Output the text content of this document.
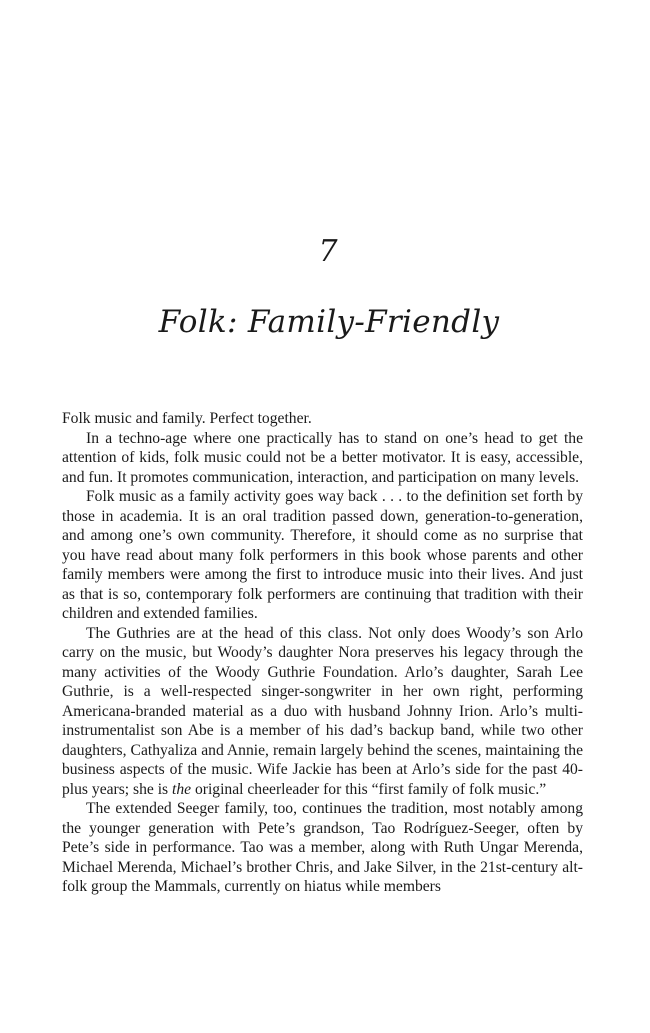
7
Folk: Family-Friendly

Folk music and family. Perfect together.

In a techno-age where one practically has to stand on one’s head to get the attention of kids, folk music could not be a better motivator. It is easy, accessible, and fun. It promotes communication, interaction, and participation on many levels.

Folk music as a family activity goes way back . . . to the definition set forth by those in academia. It is an oral tradition passed down, generation-to-generation, and among one’s own community. Therefore, it should come as no surprise that you have read about many folk performers in this book whose parents and other family members were among the first to introduce music into their lives. And just as that is so, contemporary folk performers are continuing that tradition with their children and extended families.

The Guthries are at the head of this class. Not only does Woody’s son Arlo carry on the music, but Woody’s daughter Nora preserves his legacy through the many activities of the Woody Guthrie Foundation. Arlo’s daughter, Sarah Lee Guthrie, is a well-respected singer-songwriter in her own right, performing Americana-branded material as a duo with husband Johnny Irion. Arlo’s multi-instrumentalist son Abe is a member of his dad’s backup band, while two other daughters, Cathyaliza and Annie, remain largely behind the scenes, maintaining the business aspects of the music. Wife Jackie has been at Arlo’s side for the past 40-plus years; she is the original cheerleader for this “first family of folk music.”

The extended Seeger family, too, continues the tradition, most notably among the younger generation with Pete’s grandson, Tao Rodríguez-Seeger, often by Pete’s side in performance. Tao was a member, along with Ruth Ungar Merenda, Michael Merenda, Michael’s brother Chris, and Jake Silver, in the 21st-century alt-folk group the Mammals, currently on hiatus while members
